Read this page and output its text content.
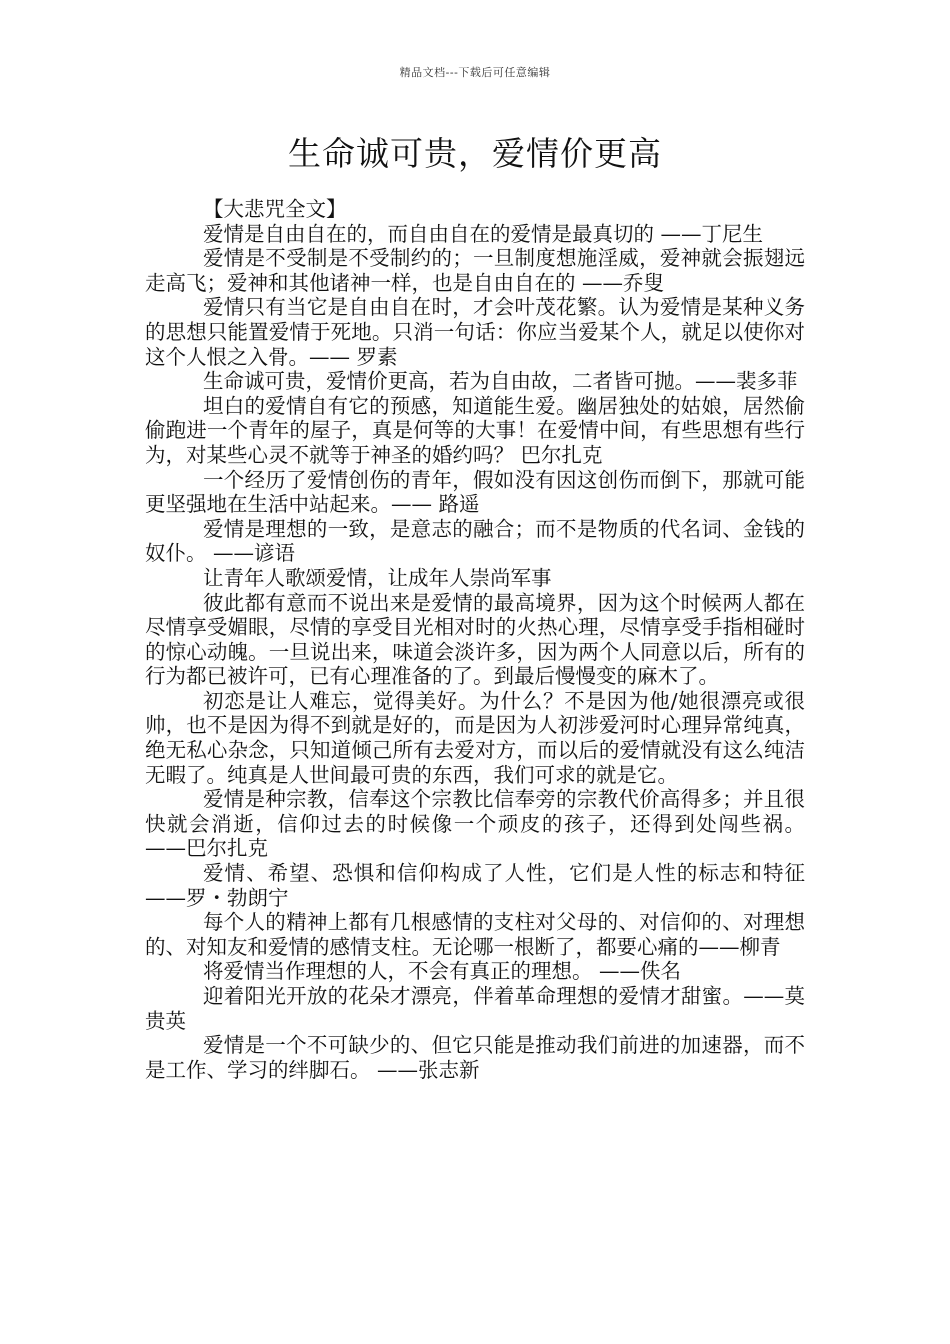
精品文档---下载后可任意编辑
生命诚可贵，爱情价更高

【大悲咒全文】

爱情是自由自在的，而自由自在的爱情是最真切的 ——丁尼生

爱情是不受制是不受制约的；一旦制度想施淫威，爱神就会振翅远走高飞；爱神和其他诸神一样，也是自由自在的 ——乔叟

爱情只有当它是自由自在时，才会叶茂花繁。认为爱情是某种义务的思想只能置爱情于死地。只消一句话：你应当爱某个人，就足以使你对这个人恨之入骨。—— 罗素

生命诚可贵，爱情价更高，若为自由故，二者皆可抛。——裴多菲

坦白的爱情自有它的预感，知道能生爱。幽居独处的姑娘，居然偷偷跑进一个青年的屋子，真是何等的大事！在爱情中间，有些思想有些行为，对某些心灵不就等于神圣的婚约吗？ 巴尔扎克

一个经历了爱情创伤的青年，假如没有因这创伤而倒下，那就可能更坚强地在生活中站起来。—— 路遥

爱情是理想的一致，是意志的融合；而不是物质的代名词、金钱的奴仆。 ——谚语

让青年人歌颂爱情，让成年人崇尚军事

彼此都有意而不说出来是爱情的最高境界，因为这个时候两人都在尽情享受媚眼，尽情的享受目光相对时的火热心理，尽情享受手指相碰时的惊心动魄。一旦说出来，味道会淡许多，因为两个人同意以后，所有的行为都已被许可，已有心理准备的了。到最后慢慢变的麻木了。

初恋是让人难忘，觉得美好。为什么？不是因为他/她很漂亮或很帅，也不是因为得不到就是好的，而是因为人初涉爱河时心理异常纯真，绝无私心杂念，只知道倾己所有去爱对方，而以后的爱情就没有这么纯洁无暇了。纯真是人世间最可贵的东西，我们可求的就是它。

爱情是种宗教，信奉这个宗教比信奉旁的宗教代价高得多；并且很快就会消逝，信仰过去的时候像一个顽皮的孩子，还得到处闯些祸。 ——巴尔扎克

爱情、希望、恐惧和信仰构成了人性，它们是人性的标志和特征 ——罗・勃朗宁

每个人的精神上都有几根感情的支柱对父母的、对信仰的、对理想的、对知友和爱情的感情支柱。无论哪一根断了，都要心痛的——柳青

将爱情当作理想的人，不会有真正的理想。 ——佚名

迎着阳光开放的花朵才漂亮，伴着革命理想的爱情才甜蜜。——莫贵英

爱情是一个不可缺少的、但它只能是推动我们前进的加速器，而不是工作、学习的绊脚石。 ——张志新
